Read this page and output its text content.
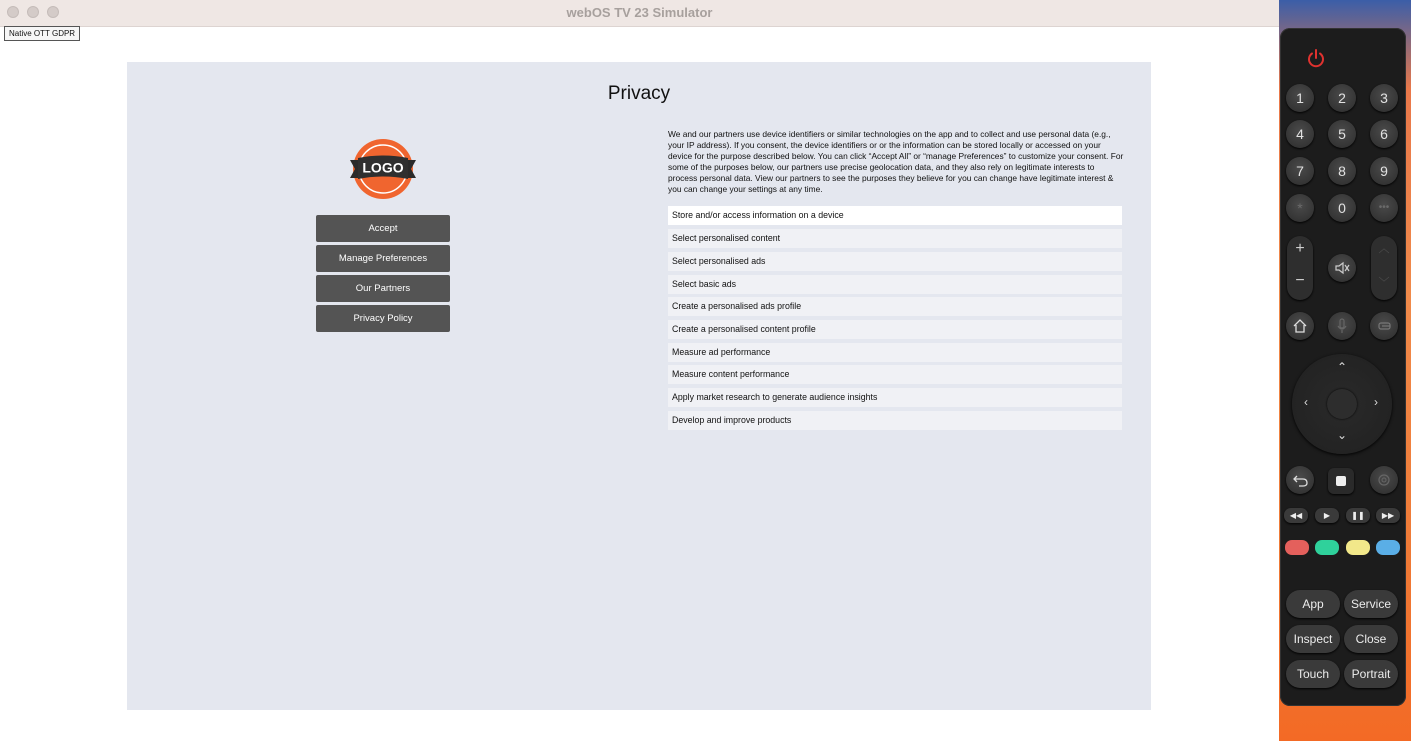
webOS TV 23 Simulator
Native OTT GDPR
Privacy
LOGO
Accept
Manage Preferences
Our Partners
Privacy Policy
We and our partners use device identifiers or similar technologies on the app and to collect and use personal data (e.g., your IP address). If you consent, the device identifiers or or the information can be stored locally or accessed on your device for the purpose described below. You can click “Accept All” or “manage Preferences” to customize your consent. For some of the purposes below, our partners use precise geolocation data, and they also rely on legitimate interests to process personal data. View our partners to see the purposes they believe for you can change have legitimate interest & you can change your settings at any time.
Store and/or access information on a device
Select personalised content
Select personalised ads
Select basic ads
Create a personalised ads profile
Create a personalised content profile
Measure ad performance
Measure content performance
Apply market research to generate audience insights
Develop and improve products
1	2	3
4	5	6
7	8	9
*	0	•••
+
−
︿
﹀
⌃
⌄
‹	›
◀◀	▶	❚❚	▶▶
App	Service
Inspect	Close
Touch	Portrait
